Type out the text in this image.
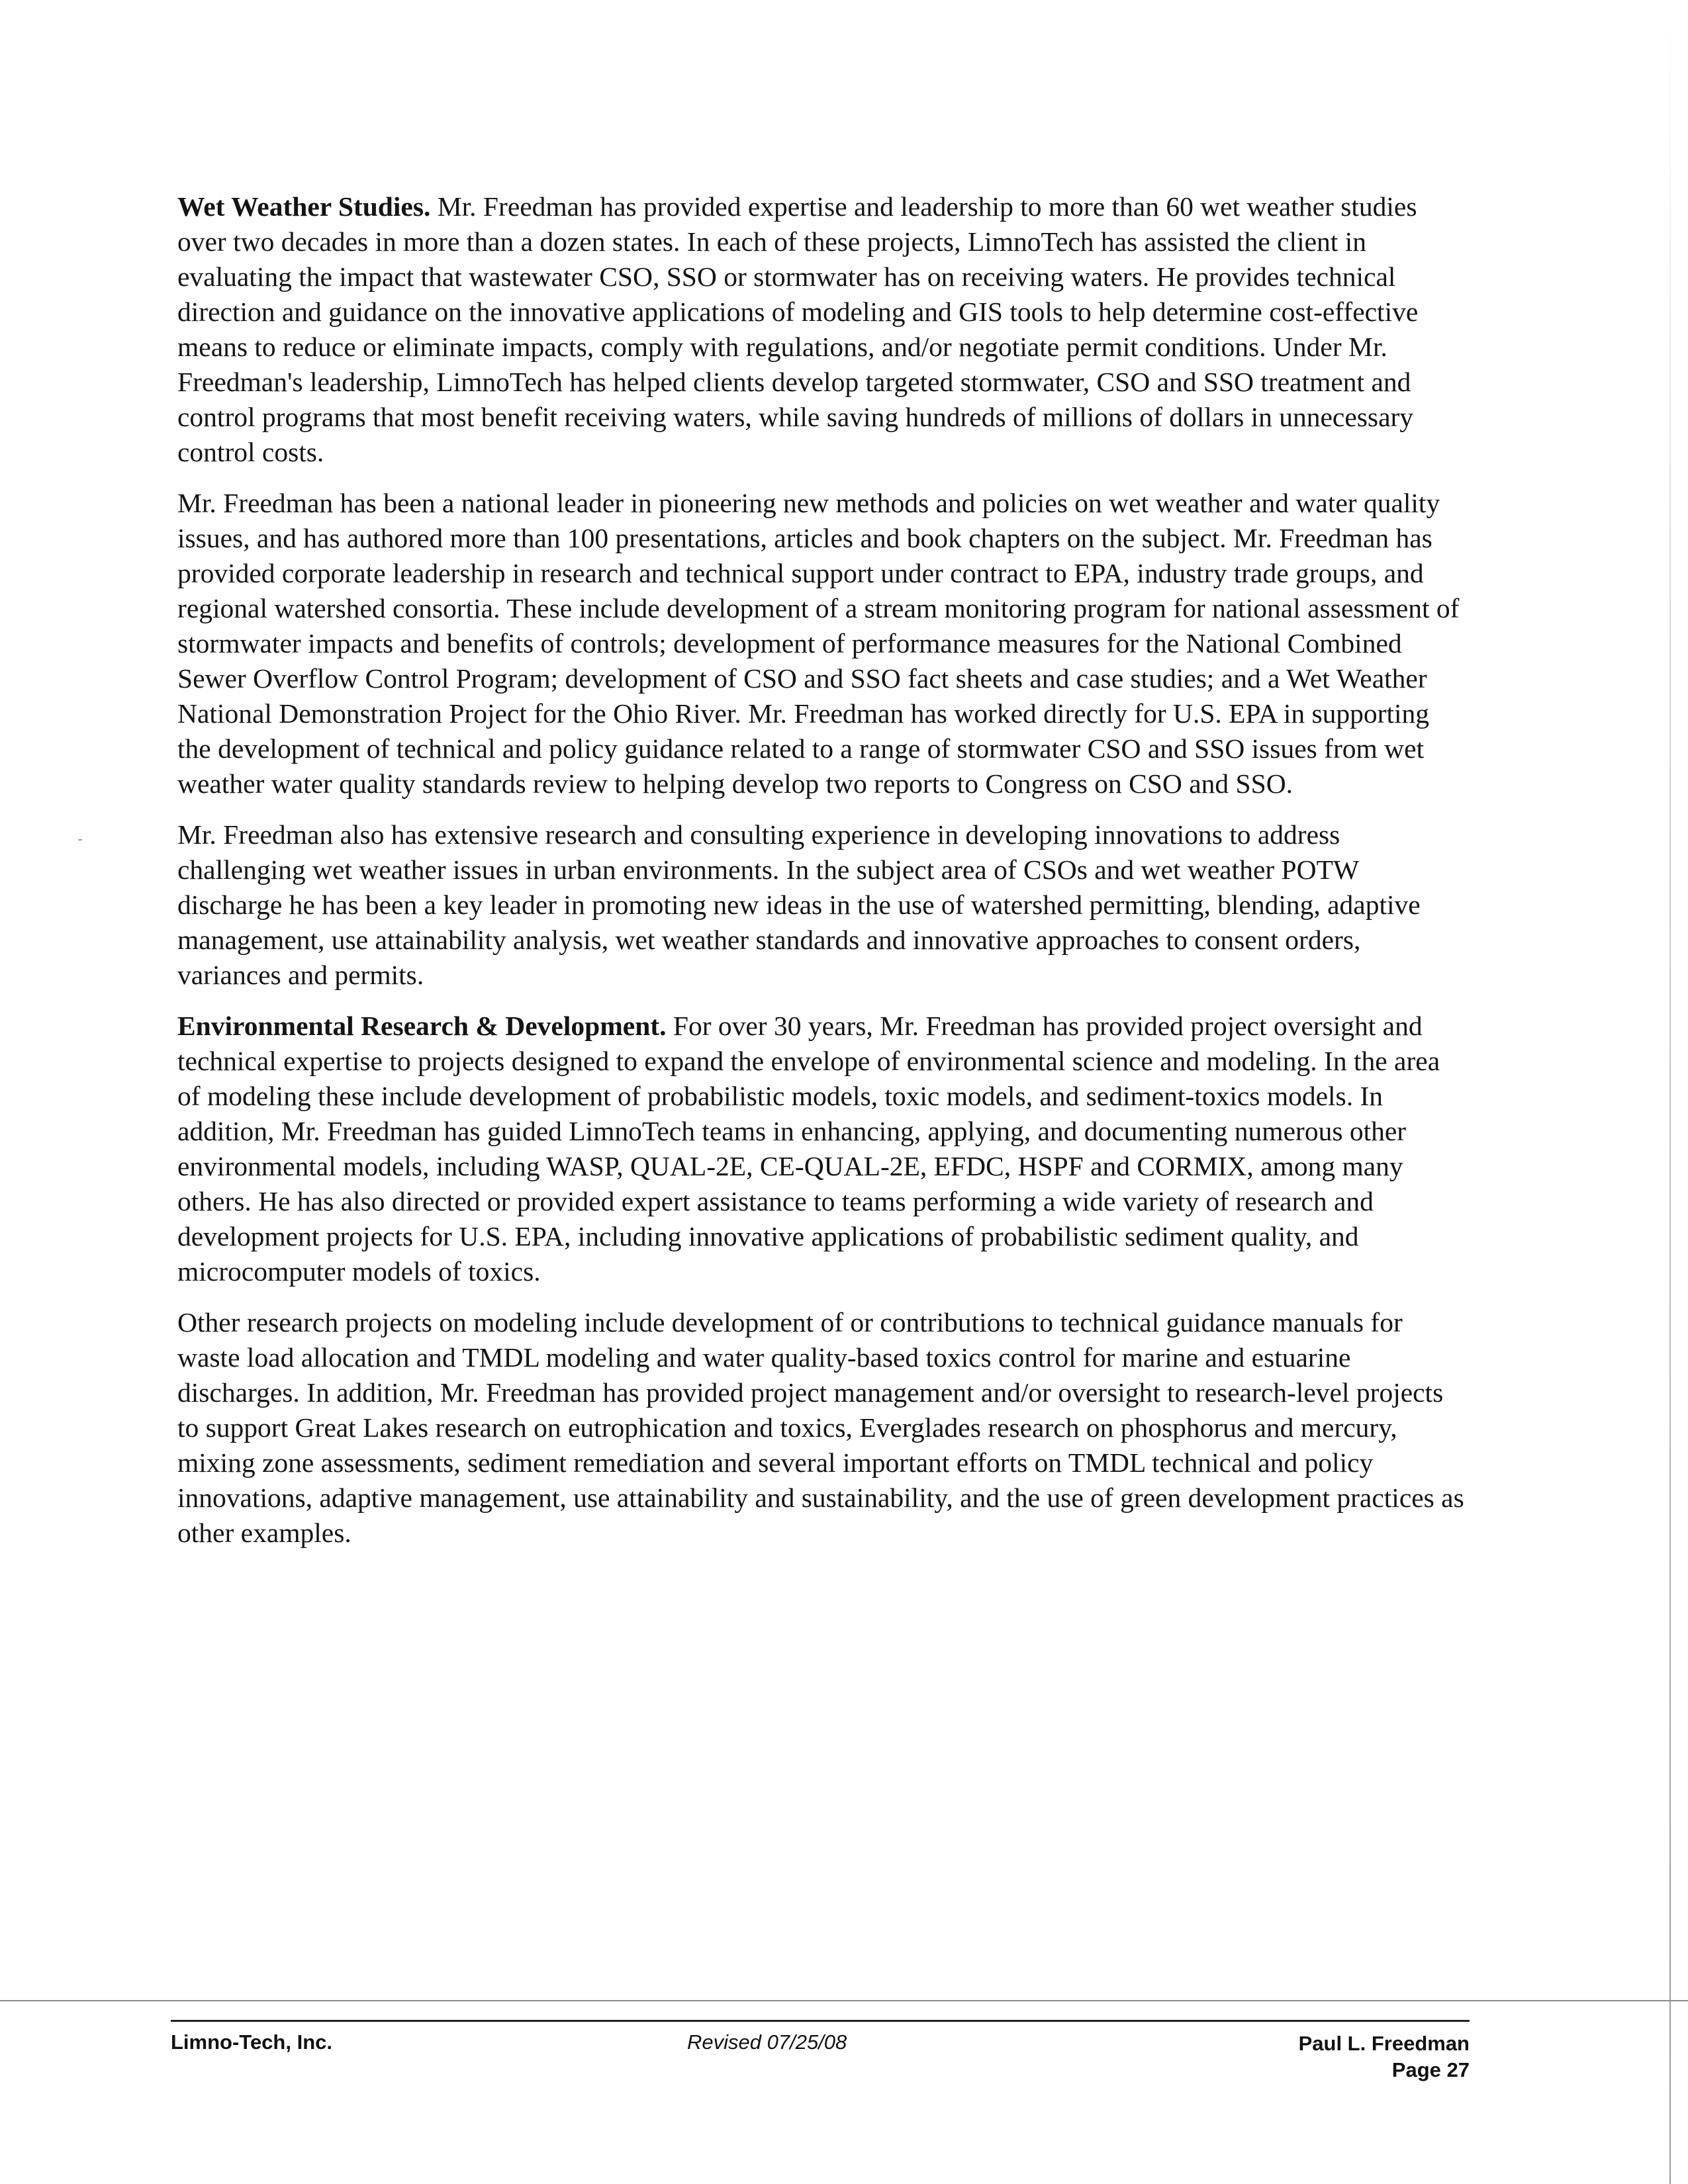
Wet Weather Studies. Mr. Freedman has provided expertise and leadership to more than 60 wet weather studies over two decades in more than a dozen states. In each of these projects, LimnoTech has assisted the client in evaluating the impact that wastewater CSO, SSO or stormwater has on receiving waters. He provides technical direction and guidance on the innovative applications of modeling and GIS tools to help determine cost-effective means to reduce or eliminate impacts, comply with regulations, and/or negotiate permit conditions. Under Mr. Freedman's leadership, LimnoTech has helped clients develop targeted stormwater, CSO and SSO treatment and control programs that most benefit receiving waters, while saving hundreds of millions of dollars in unnecessary control costs.

Mr. Freedman has been a national leader in pioneering new methods and policies on wet weather and water quality issues, and has authored more than 100 presentations, articles and book chapters on the subject. Mr. Freedman has provided corporate leadership in research and technical support under contract to EPA, industry trade groups, and regional watershed consortia. These include development of a stream monitoring program for national assessment of stormwater impacts and benefits of controls; development of performance measures for the National Combined Sewer Overflow Control Program; development of CSO and SSO fact sheets and case studies; and a Wet Weather National Demonstration Project for the Ohio River. Mr. Freedman has worked directly for U.S. EPA in supporting the development of technical and policy guidance related to a range of stormwater CSO and SSO issues from wet weather water quality standards review to helping develop two reports to Congress on CSO and SSO.

Mr. Freedman also has extensive research and consulting experience in developing innovations to address challenging wet weather issues in urban environments. In the subject area of CSOs and wet weather POTW discharge he has been a key leader in promoting new ideas in the use of watershed permitting, blending, adaptive management, use attainability analysis, wet weather standards and innovative approaches to consent orders, variances and permits.

Environmental Research & Development. For over 30 years, Mr. Freedman has provided project oversight and technical expertise to projects designed to expand the envelope of environmental science and modeling. In the area of modeling these include development of probabilistic models, toxic models, and sediment-toxics models. In addition, Mr. Freedman has guided LimnoTech teams in enhancing, applying, and documenting numerous other environmental models, including WASP, QUAL-2E, CE-QUAL-2E, EFDC, HSPF and CORMIX, among many others. He has also directed or provided expert assistance to teams performing a wide variety of research and development projects for U.S. EPA, including innovative applications of probabilistic sediment quality, and microcomputer models of toxics.

Other research projects on modeling include development of or contributions to technical guidance manuals for waste load allocation and TMDL modeling and water quality-based toxics control for marine and estuarine discharges. In addition, Mr. Freedman has provided project management and/or oversight to research-level projects to support Great Lakes research on eutrophication and toxics, Everglades research on phosphorus and mercury, mixing zone assessments, sediment remediation and several important efforts on TMDL technical and policy innovations, adaptive management, use attainability and sustainability, and the use of green development practices as other examples.

Limno-Tech, Inc.	Revised 07/25/08	Paul L. Freedman
Page 27
